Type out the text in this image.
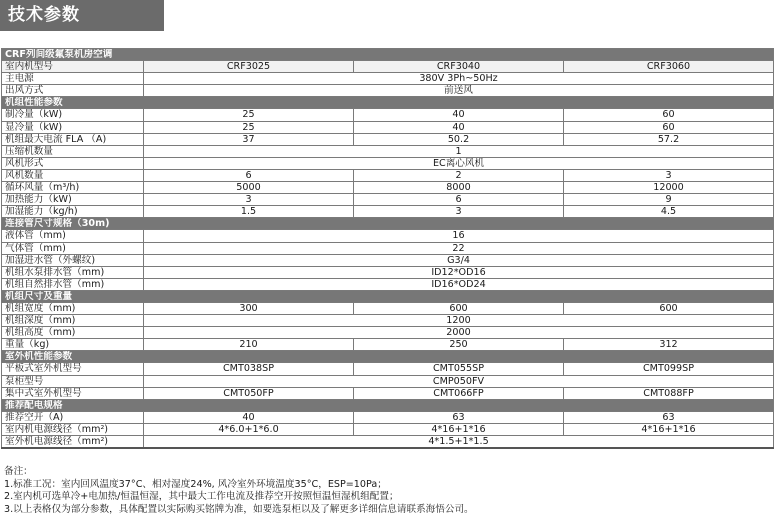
技术参数
CRF列间级氟泵机房空调			
室内机型号	CRF3025	CRF3040	CRF3060
主电源	380V 3Ph~50Hz		
出风方式	前送风		
机组性能参数			
制冷量（kW)	25	40	60
显冷量（kW)	25	40	60
机组最大电流 FLA （A)	37	50.2	57.2
压缩机数量	1		
风机形式	EC离心风机		
风机数量	6	2	3
循环风量（m³/h)	5000	8000	12000
加热能力（kW)	3	6	9
加湿能力（kg/h)	1.5	3	4.5
连接管尺寸规格（30m)			
液体管（mm)	16		
气体管（mm)	22		
加湿进水管（外螺纹)	G3/4		
机组水泵排水管（mm)	ID12*OD16		
机组自然排水管（mm)	ID16*OD24		
机组尺寸及重量			
机组宽度（mm)	300	600	600
机组深度（mm)	1200		
机组高度（mm)	2000		
重量（kg)	210	250	312
室外机性能参数			
平板式室外机型号	CMT038SP	CMT055SP	CMT099SP
泵柜型号	CMP050FV		
集中式室外机型号	CMT050FP	CMT066FP	CMT088FP
推荐配电规格			
推荐空开（A)	40	63	63
室内机电源线径（mm²)	4*6.0+1*6.0	4*16+1*16	4*16+1*16
室外机电源线径（mm²)	4*1.5+1*1.5		
备注：
1.标准工况：室内回风温度37°C、相对湿度24%, 风冷室外环境温度35°C，ESP=10Pa；
2.室内机可选单冷+电加热/恒温恒湿，其中最大工作电流及推荐空开按照恒温恒湿机组配置；
3.以上表格仅为部分参数，具体配置以实际购买铭牌为准，如要选泵柜以及了解更多详细信息请联系海悟公司。
